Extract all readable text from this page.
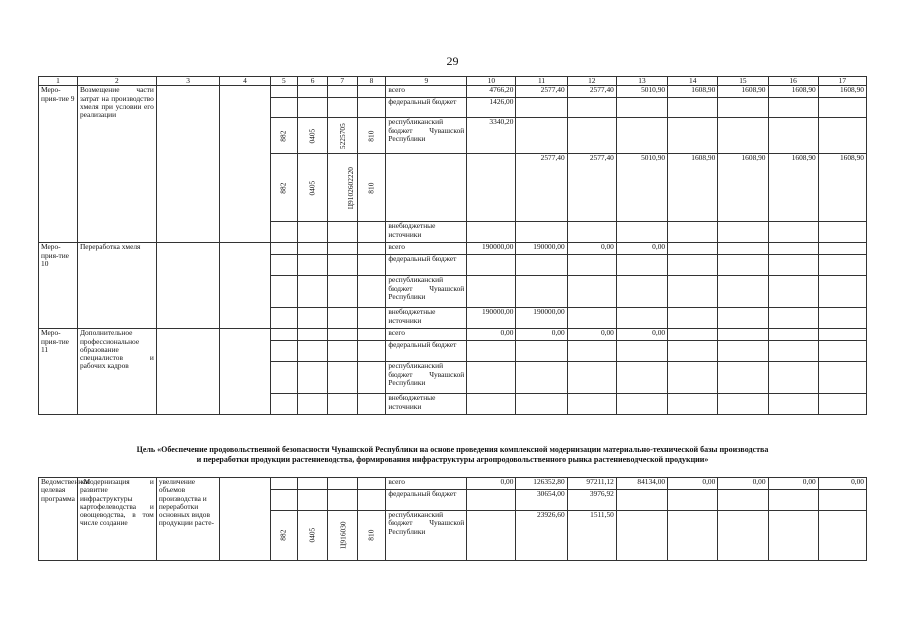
29
1	2	3	4	5	6	7	8	9	10	11	12	13	14	15	16	17
Меро-прия-тие 9	Возмещение части затрат на производство хмеля при условии его реализации							всего	4766,20	2577,40	2577,40	5010,90	1608,90	1608,90	1608,90	1608,90
								федеральный бюджет	1426,00							
				882	0405	5225705	810	республиканский бюджет Чувашской Республики	3340,20							
				882	0405	Ц9102602220	810			2577,40	2577,40	5010,90	1608,90	1608,90	1608,90	1608,90
								внебюджетные источники								
Меро-прия-тие 10	Переработка хмеля							всего	190000,00	190000,00	0,00	0,00				
								федеральный бюджет								
								республиканский бюджет Чувашской Республики								
								внебюджетные источники	190000,00	190000,00						
Меро-прия-тие 11	Дополнительное профессиональное образование специалистов и рабочих кадров							всего	0,00	0,00	0,00	0,00				
								федеральный бюджет								
								республиканский бюджет Чувашской Республики								
								внебюджетные источники								
Цель «Обеспечение продовольственной безопасности Чувашской Республики на основе проведения комплексной модернизации материально-технической базы производства
и переработки продукции растениеводства, формирования инфраструктуры агропродовольственного рынка растениеводческой продукции»
Ведомственная целевая программа	«Модернизация и развитие инфраструктуры картофелеводства и овощеводства, в том числе создание	увеличение объемов производства и переработки основных видов продукции расте-						всего	0,00	126352,80	97211,12	84134,00	0,00	0,00	0,00	0,00
								федеральный бюджет		30654,00	3976,92					
				882	0405	Ц916030	810	республиканский бюджет Чувашской Республики		23926,60	1511,50					
